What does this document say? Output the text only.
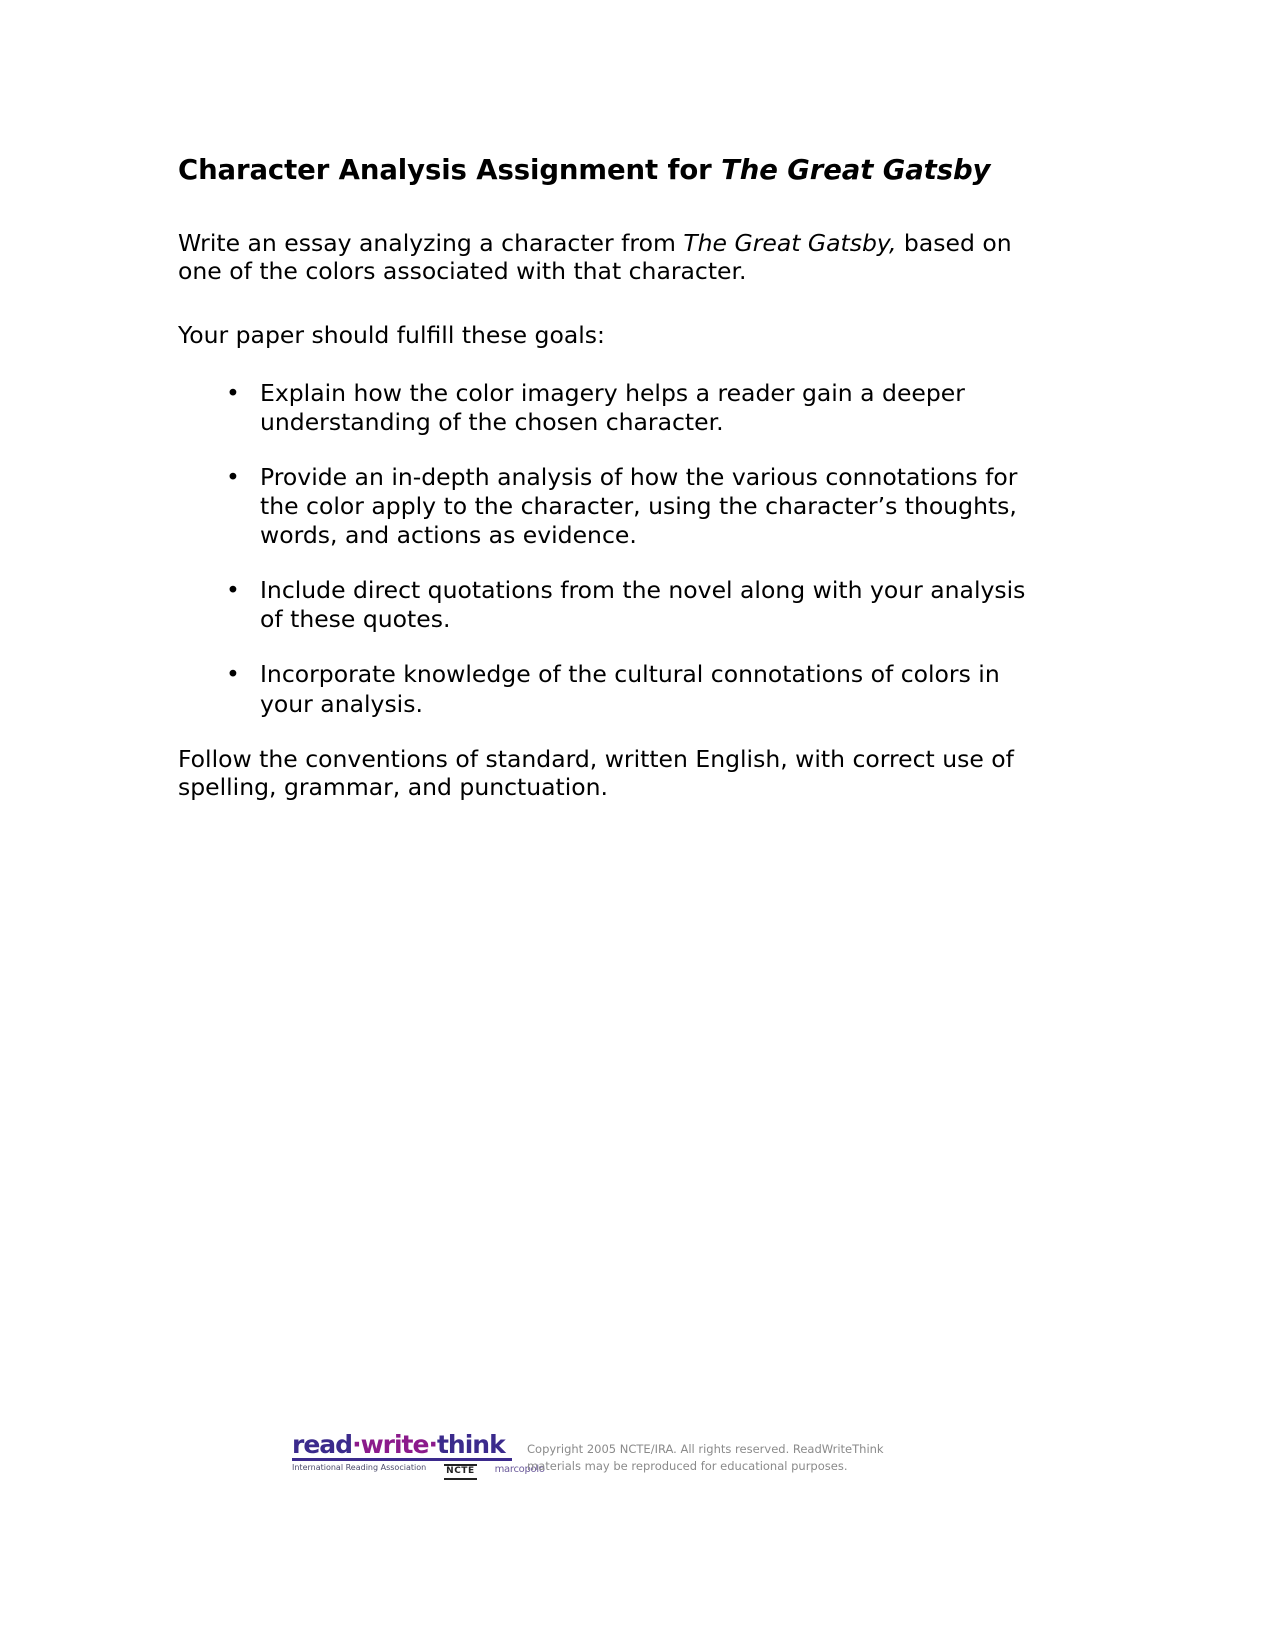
Character Analysis Assignment for The Great Gatsby

Write an essay analyzing a character from The Great Gatsby, based on one of the colors associated with that character.

Your paper should fulfill these goals:

• Explain how the color imagery helps a reader gain a deeper understanding of the chosen character.
• Provide an in-depth analysis of how the various connotations for the color apply to the character, using the character’s thoughts, words, and actions as evidence.
• Include direct quotations from the novel along with your analysis of these quotes.
• Incorporate knowledge of the cultural connotations of colors in your analysis.

Follow the conventions of standard, written English, with correct use of spelling, grammar, and punctuation.

read·write·think
International Reading Association NCTE marcopolo
Copyright 2005 NCTE/IRA. All rights reserved. ReadWriteThink
materials may be reproduced for educational purposes.
